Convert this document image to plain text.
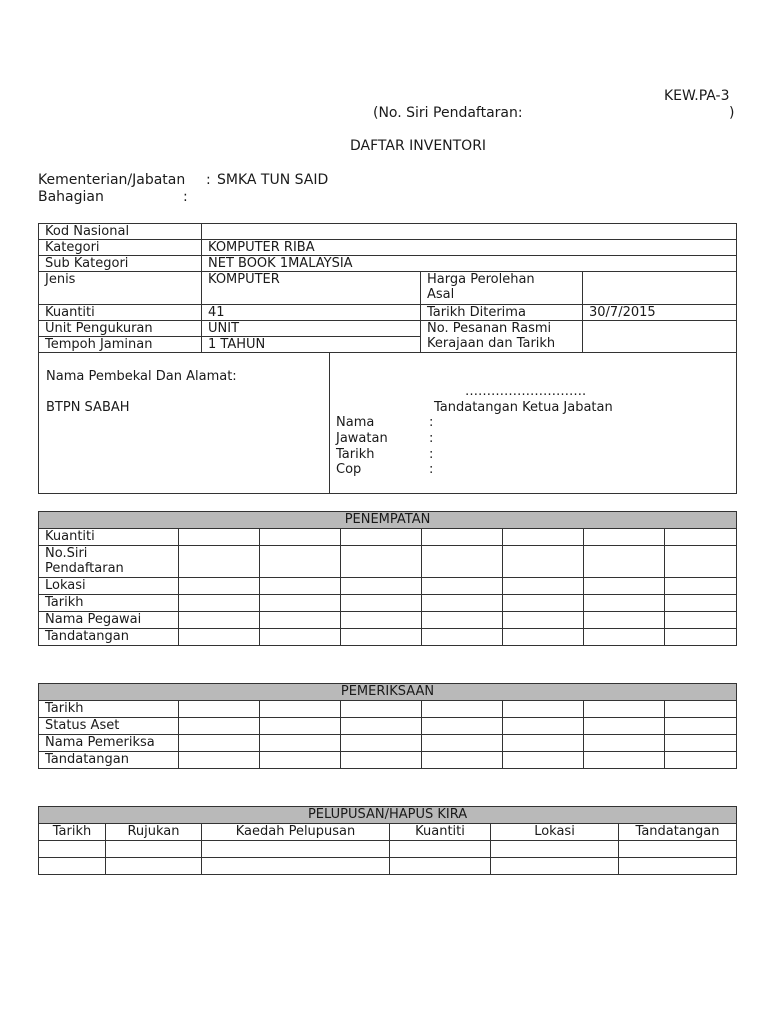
KEW.PA-3
(No. Siri Pendaftaran:	)
DAFTAR INVENTORI
Kementerian/Jabatan : SMKA TUN SAID
Bahagian	:
Kod Nasional			
Kategori	KOMPUTER RIBA		
Sub Kategori	NET BOOK 1MALAYSIA		
Jenis	KOMPUTER	Harga Perolehan
Asal	
Kuantiti	41	Tarikh Diterima	30/7/2015
Unit Pengukuran	UNIT	No. Pesanan Rasmi
Kerajaan dan Tarikh	
Tempoh Jaminan	1 TAHUN		
Nama Pembekal Dan Alamat:
BTPN SABAH
……………………….
Tandatangan Ketua Jabatan
Nama	:
Jawatan	:
Tarikh	:
Cop	:
PENEMPATAN							
Kuantiti							
No.Siri
Pendaftaran							
Lokasi							
Tarikh							
Nama Pegawai							
Tandatangan							
PEMERIKSAAN							
Tarikh							
Status Aset							
Nama Pemeriksa							
Tandatangan							
PELUPUSAN/HAPUS KIRA					
Tarikh	Rujukan	Kaedah Pelupusan	Kuantiti	Lokasi	Tandatangan
